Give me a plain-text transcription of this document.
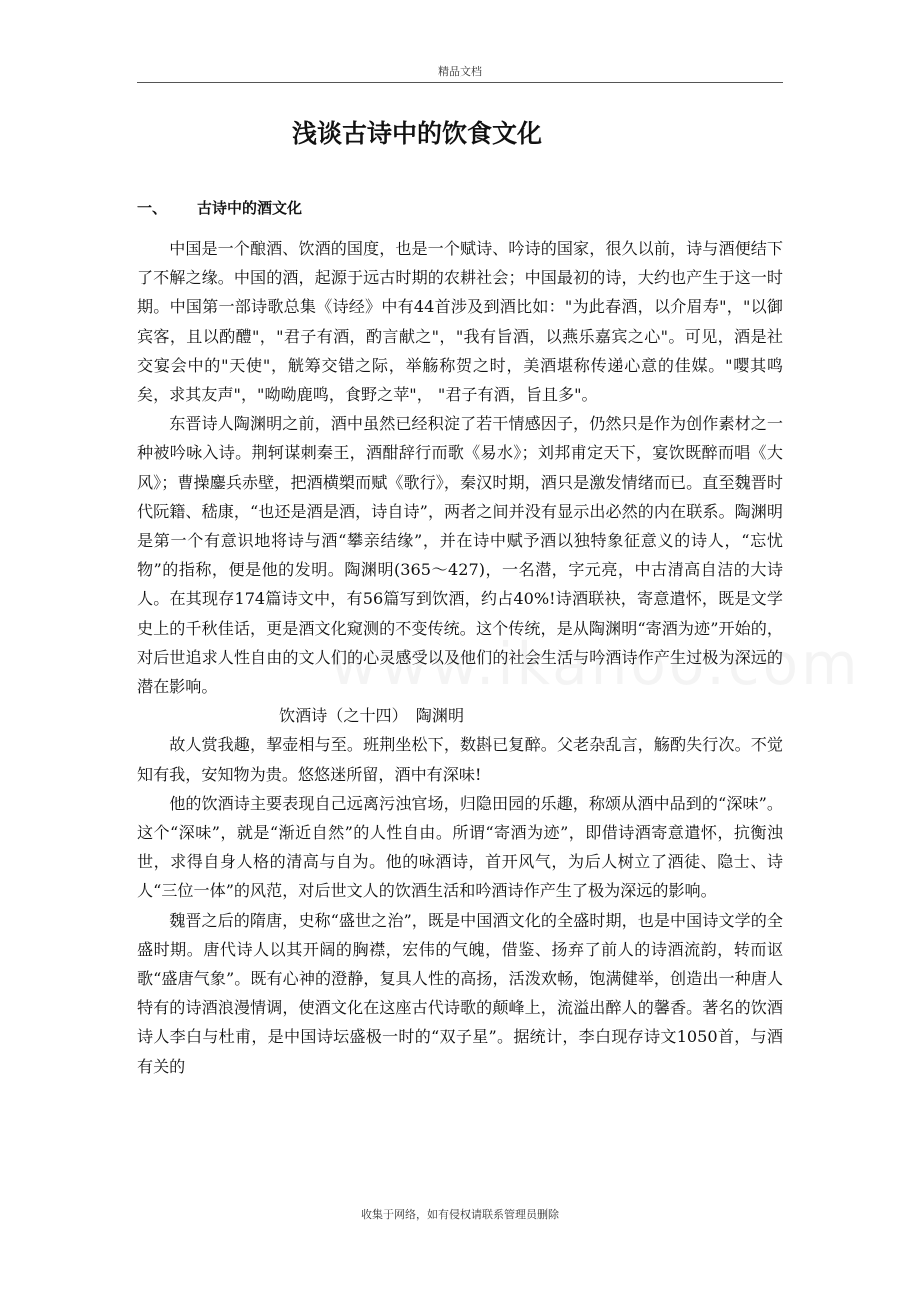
精品文档
浅谈古诗中的饮食文化
一、 古诗中的酒文化

中国是一个酿酒、饮酒的国度，也是一个赋诗、吟诗的国家，很久以前，诗与酒便结下了不解之缘。中国的酒，起源于远古时期的农耕社会；中国最初的诗，大约也产生于这一时期。中国第一部诗歌总集《诗经》中有44首涉及到酒比如："为此春酒，以介眉寿"，"以御宾客，且以酌醴"，"君子有酒，酌言献之"，"我有旨酒，以燕乐嘉宾之心"。可见，酒是社交宴会中的"天使"，觥筹交错之际，举觞称贺之时，美酒堪称传递心意的佳媒。"嘤其鸣矣，求其友声"，"呦呦鹿鸣，食野之苹"， "君子有酒，旨且多"。

东晋诗人陶渊明之前，酒中虽然已经积淀了若干情感因子，仍然只是作为创作素材之一种被吟咏入诗。荆轲谋刺秦王，酒酣辞行而歌《易水》；刘邦甫定天下，宴饮既醉而唱《大风》；曹操鏖兵赤壁，把酒横槊而赋《歌行》，秦汉时期，酒只是激发情绪而已。直至魏晋时代阮籍、嵇康，“也还是酒是酒，诗自诗”，两者之间并没有显示出必然的内在联系。陶渊明是第一个有意识地将诗与酒“攀亲结缘”，并在诗中赋予酒以独特象征意义的诗人，“忘忧物”的指称，便是他的发明。陶渊明(365～427)，一名潜，字元亮，中古清高自洁的大诗人。在其现存174篇诗文中，有56篇写到饮酒，约占40%!诗酒联袂，寄意遣怀，既是文学史上的千秋佳话，更是酒文化窥测的不变传统。这个传统，是从陶渊明“寄酒为迹”开始的，对后世追求人性自由的文人们的心灵感受以及他们的社会生活与吟酒诗作产生过极为深远的潜在影响。

饮酒诗（之十四）　陶渊明

故人赏我趣，挈壶相与至。班荆坐松下，数斟已复醉。父老杂乱言，觞酌失行次。不觉知有我，安知物为贵。悠悠迷所留，酒中有深味!

他的饮酒诗主要表现自己远离污浊官场，归隐田园的乐趣，称颂从酒中品到的“深味”。这个“深味”，就是“渐近自然”的人性自由。所谓“寄酒为迹”，即借诗酒寄意遣怀，抗衡浊世，求得自身人格的清高与自为。他的咏酒诗，首开风气，为后人树立了酒徒、隐士、诗人“三位一体”的风范，对后世文人的饮酒生活和吟酒诗作产生了极为深远的影响。

魏晋之后的隋唐，史称“盛世之治”，既是中国酒文化的全盛时期，也是中国诗文学的全盛时期。唐代诗人以其开阔的胸襟，宏伟的气魄，借鉴、扬弃了前人的诗酒流韵，转而讴歌“盛唐气象”。既有心神的澄静，复具人性的高扬，活泼欢畅，饱满健举，创造出一种唐人特有的诗酒浪漫情调，使酒文化在这座古代诗歌的颠峰上，流溢出醉人的馨香。著名的饮酒诗人李白与杜甫，是中国诗坛盛极一时的“双子星”。据统计，李白现存诗文1050首，与酒有关的

收集于网络，如有侵权请联系管理员删除
